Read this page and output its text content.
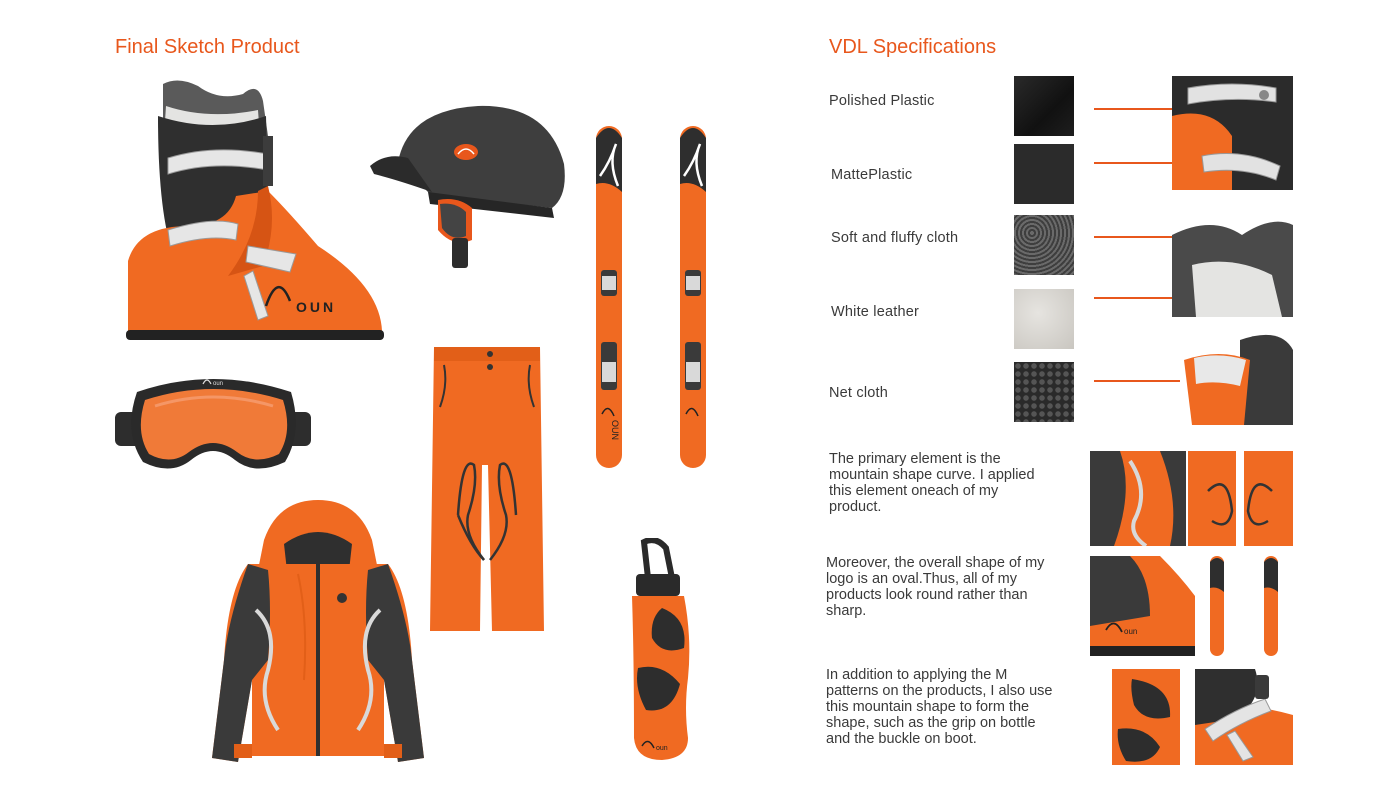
Final Sketch Product
OUN
OUN
oun
oun
VDL Specifications
Polished Plastic
MattePlastic
Soft and fluffy cloth
White leather
Net cloth
The primary element is the
mountain shape curve. I applied
this element oneach of my
product.
Moreover, the overall shape of my
logo is an oval.Thus, all of my
products look round rather than
sharp.
oun
In addition to applying the M
patterns on the products, I also use
this mountain shape to form the
shape, such as the grip on bottle
and the buckle on boot.
